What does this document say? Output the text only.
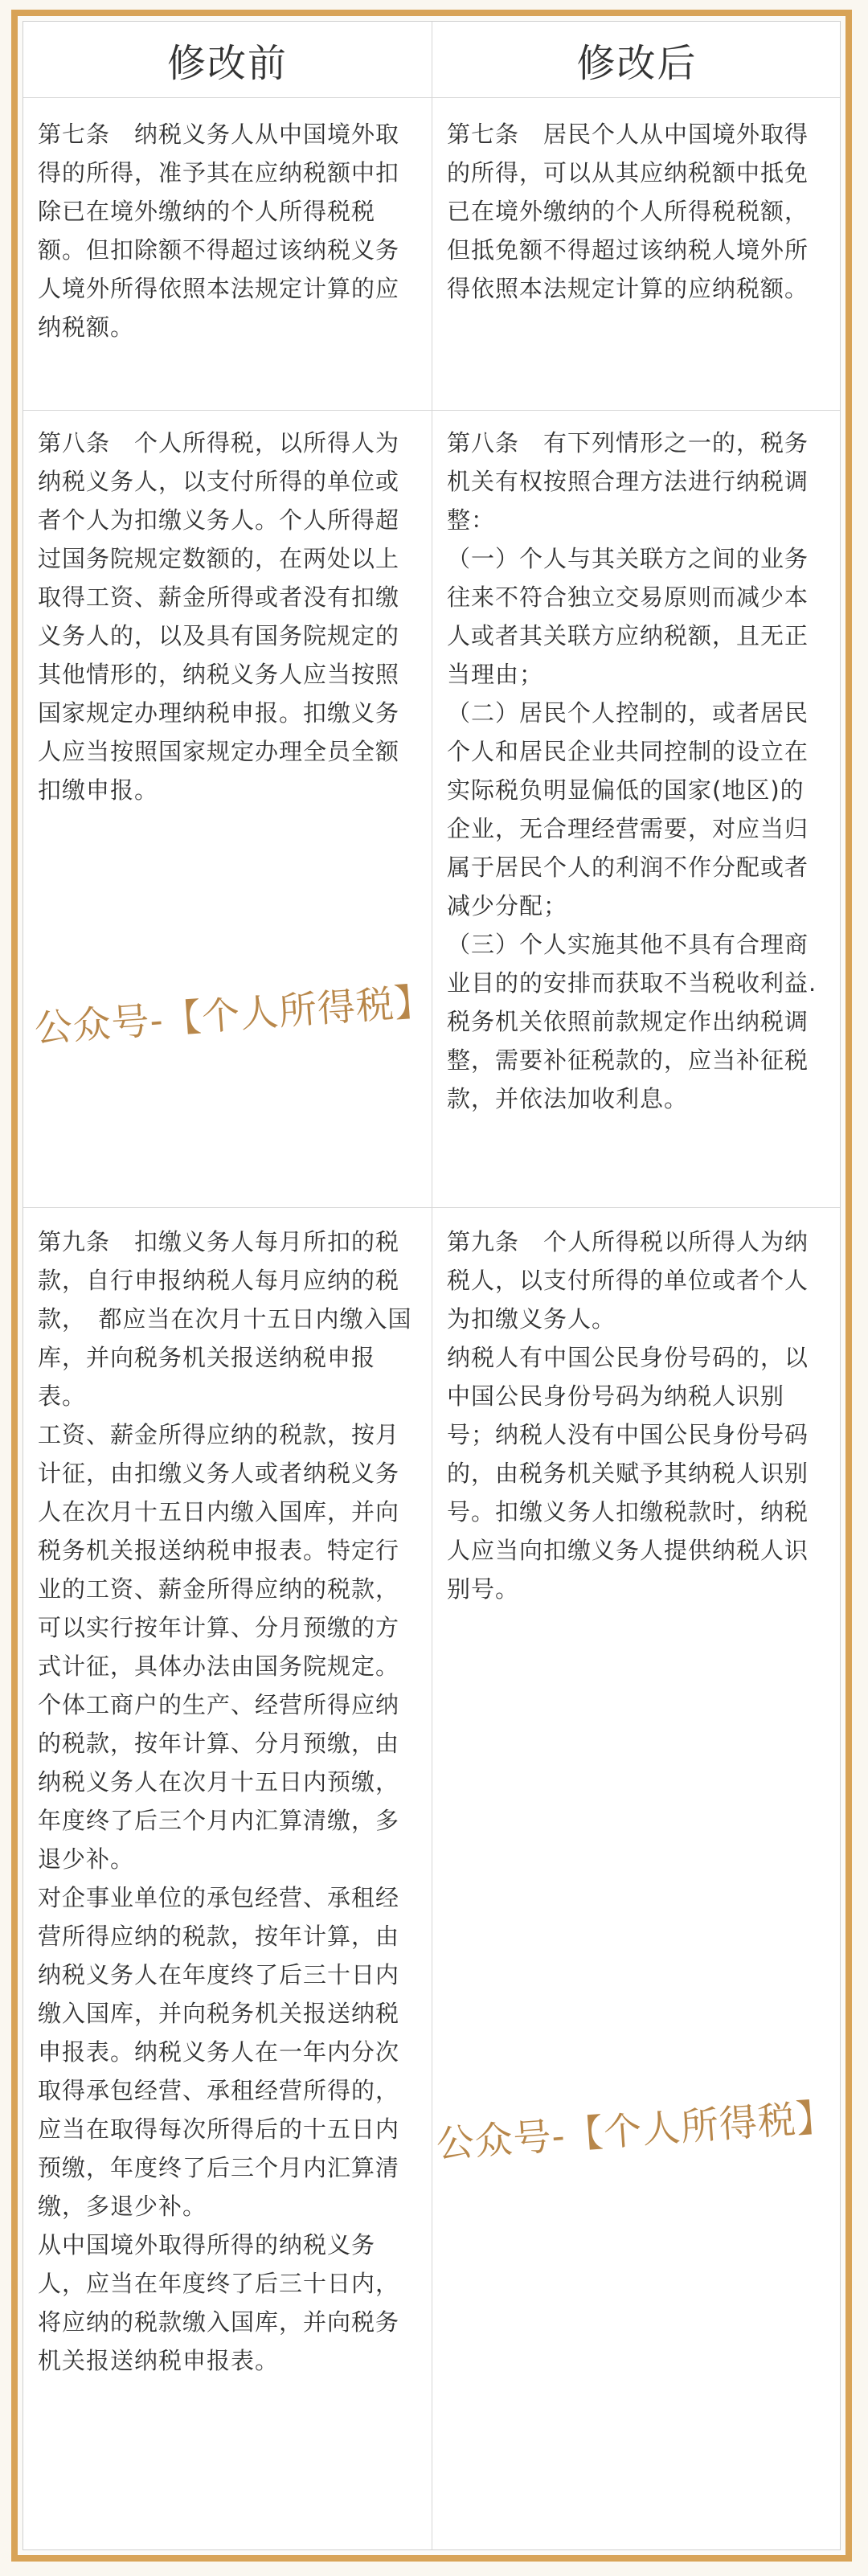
修改前	修改后
第七条　纳税义务人从中国境外取得的所得，准予其在应纳税额中扣除已在境外缴纳的个人所得税税额。但扣除额不得超过该纳税义务人境外所得依照本法规定计算的应纳税额。
第七条　居民个人从中国境外取得的所得，可以从其应纳税额中抵免已在境外缴纳的个人所得税税额，但抵免额不得超过该纳税人境外所得依照本法规定计算的应纳税额。
第八条　个人所得税，以所得人为纳税义务人，以支付所得的单位或者个人为扣缴义务人。个人所得超过国务院规定数额的，在两处以上取得工资、薪金所得或者没有扣缴义务人的，以及具有国务院规定的其他情形的，纳税义务人应当按照国家规定办理纳税申报。扣缴义务人应当按照国家规定办理全员全额扣缴申报。
第八条　有下列情形之一的，税务机关有权按照合理方法进行纳税调整：
（一）个人与其关联方之间的业务往来不符合独立交易原则而减少本人或者其关联方应纳税额，且无正当理由；
（二）居民个人控制的，或者居民个人和居民企业共同控制的设立在实际税负明显偏低的国家(地区)的企业，无合理经营需要，对应当归属于居民个人的利润不作分配或者减少分配；
（三）个人实施其他不具有合理商业目的的安排而获取不当税收利益.
税务机关依照前款规定作出纳税调整，需要补征税款的，应当补征税款，并依法加收利息。
第九条　扣缴义务人每月所扣的税款，自行申报纳税人每月应纳的税款，　都应当在次月十五日内缴入国库，并向税务机关报送纳税申报表。
工资、薪金所得应纳的税款，按月计征，由扣缴义务人或者纳税义务人在次月十五日内缴入国库，并向税务机关报送纳税申报表。特定行业的工资、薪金所得应纳的税款，可以实行按年计算、分月预缴的方式计征，具体办法由国务院规定。
个体工商户的生产、经营所得应纳的税款，按年计算、分月预缴，由纳税义务人在次月十五日内预缴，年度终了后三个月内汇算清缴，多退少补。
对企事业单位的承包经营、承租经营所得应纳的税款，按年计算，由纳税义务人在年度终了后三十日内缴入国库，并向税务机关报送纳税申报表。纳税义务人在一年内分次取得承包经营、承租经营所得的，应当在取得每次所得后的十五日内预缴，年度终了后三个月内汇算清缴，多退少补。
从中国境外取得所得的纳税义务人，应当在年度终了后三十日内，将应纳的税款缴入国库，并向税务机关报送纳税申报表。
第九条　个人所得税以所得人为纳税人，以支付所得的单位或者个人为扣缴义务人。
纳税人有中国公民身份号码的，以中国公民身份号码为纳税人识别号；纳税人没有中国公民身份号码的，由税务机关赋予其纳税人识别号。扣缴义务人扣缴税款时，纳税人应当向扣缴义务人提供纳税人识别号。
公众号-【个人所得税】
公众号-【个人所得税】
